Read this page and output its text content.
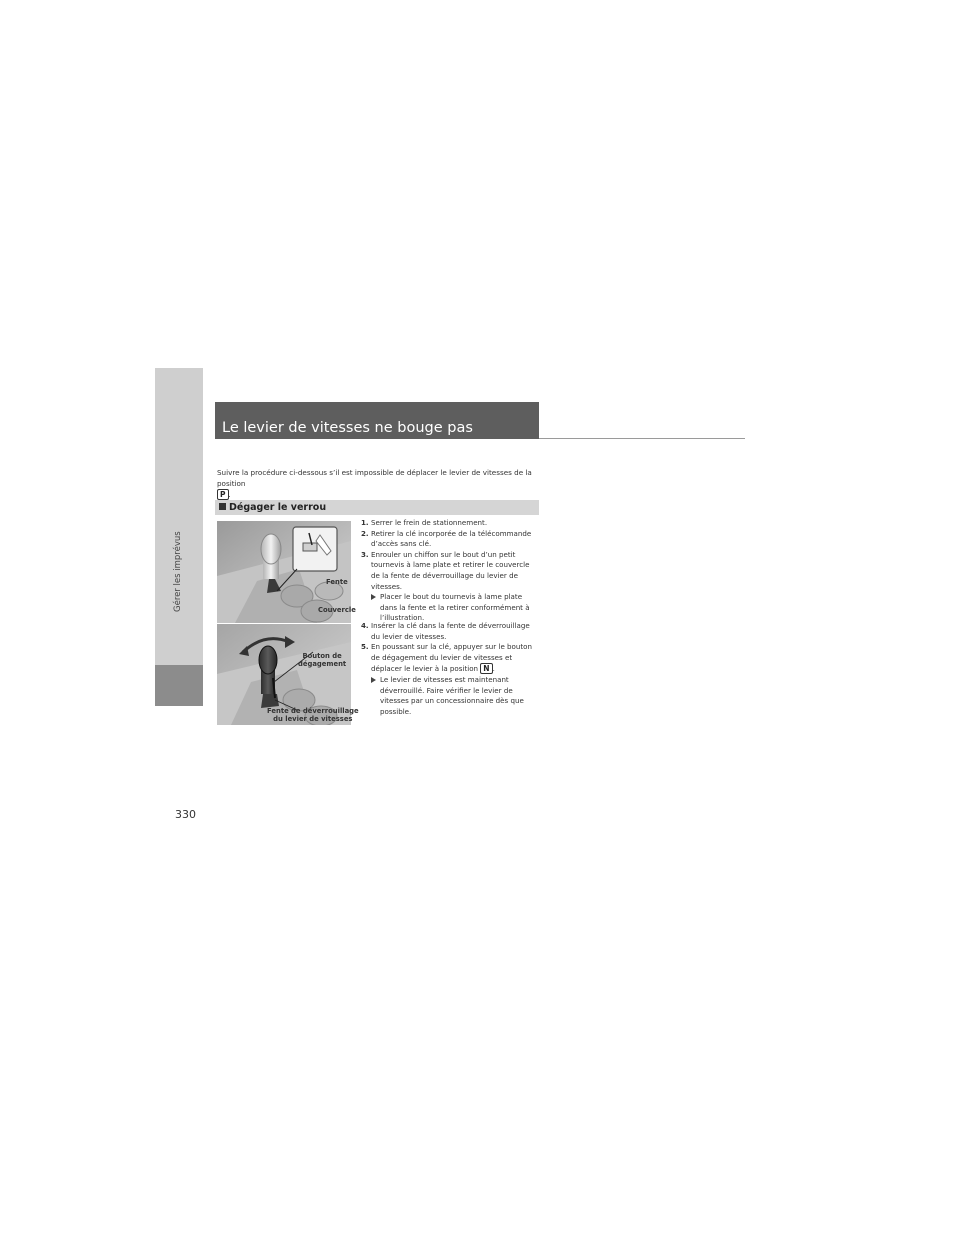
Gérer les imprévus
330
Le levier de vitesses ne bouge pas
Suivre la procédure ci-dessous s’il est impossible de déplacer le levier de vitesses de la position
P .
Dégager le verrou
Fente
Couvercle
Bouton de
dégagement
Fente de déverrouillage
du levier de vitesses
1. Serrer le frein de stationnement.
2. Retirer la clé incorporée de la télécommande d’accès sans clé.
3. Enrouler un chiffon sur le bout d’un petit tournevis à lame plate et retirer le couvercle de la fente de déverrouillage du levier de vitesses.
Placer le bout du tournevis à lame plate dans la fente et la retirer conformément à l’illustration.
4. Insérer la clé dans la fente de déverrouillage du levier de vitesses.
5. En poussant sur la clé, appuyer sur le bouton de dégagement du levier de vitesses et déplacer le levier à la position N .
Le levier de vitesses est maintenant déverrouillé. Faire vérifier le levier de vitesses par un concessionnaire dès que possible.
